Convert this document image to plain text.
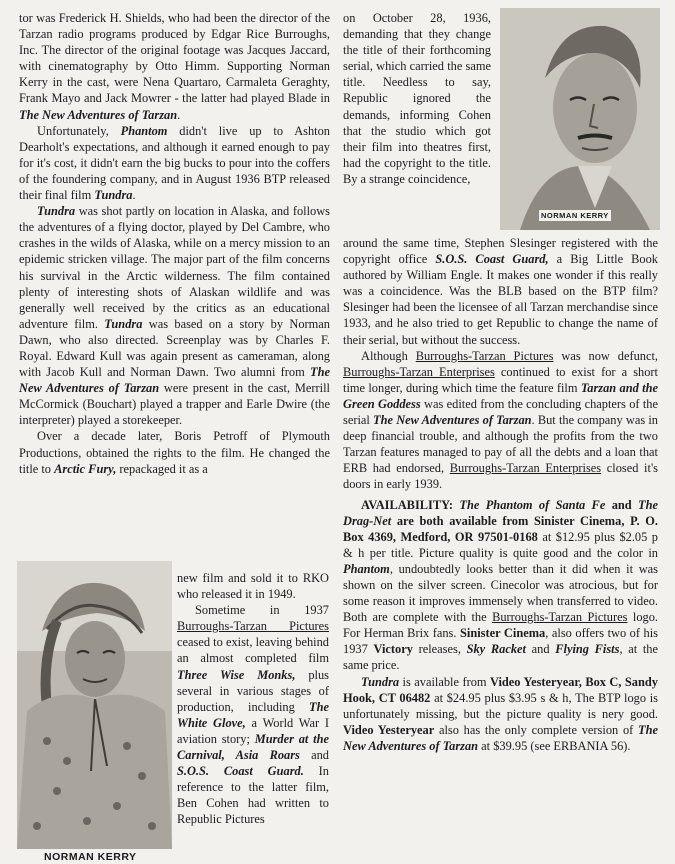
tor was Frederick H. Shields, who had been the director of the Tarzan radio programs produced by Edgar Rice Burroughs, Inc. The director of the original footage was Jacques Jaccard, with cinematography by Otto Himm. Supporting Norman Kerry in the cast, were Nena Quartaro, Carmaleta Geraghty, Frank Mayo and Jack Mowrer - the latter had played Blade in The New Adventures of Tarzan.

Unfortunately, Phantom didn't live up to Ashton Dearholt's expectations, and although it earned enough to pay for it's cost, it didn't earn the big bucks to pour into the coffers of the foundering company, and in August 1936 BTP released their final film Tundra.

Tundra was shot partly on location in Alaska, and follows the adventures of a flying doctor, played by Del Cambre, who crashes in the wilds of Alaska, while on a mercy mission to an epidemic stricken village. The major part of the film concerns his survival in the Arctic wilderness. The film contained plenty of interesting shots of Alaskan wildlife and was generally well received by the critics as an educational adventure film. Tundra was based on a story by Norman Dawn, who also directed. Screenplay was by Charles F. Royal. Edward Kull was again present as cameraman, along with Jacob Kull and Norman Dawn. Two alumni from The New Adventures of Tarzan were present in the cast, Merrill McCormick (Bouchart) played a trapper and Earle Dwire (the interpreter) played a storekeeper.

Over a decade later, Boris Petroff of Plymouth Productions, obtained the rights to the film. He changed the title to Arctic Fury, repackaged it as a

NORMAN KERRY

new film and sold it to RKO who released it in 1949.

Sometime in 1937 Burroughs-Tarzan Pictures ceased to exist, leaving behind an almost completed film Three Wise Monks, plus several in various stages of production, including The White Glove, a World War I aviation story; Murder at the Carnival, Asia Roars and S.O.S. Coast Guard. In reference to the latter film, Ben Cohen had written to Republic Pictures

NORMAN KERRY

on October 28, 1936, demanding that they change the title of their forthcoming serial, which carried the same title. Needless to say, Republic ignored the demands, informing Cohen that the studio which got their film into theatres first, had the copyright to the title. By a strange coincidence,

around the same time, Stephen Slesinger registered with the copyright office S.O.S. Coast Guard, a Big Little Book authored by William Engle. It makes one wonder if this really was a coincidence. Was the BLB based on the BTP film? Slesinger had been the licensee of all Tarzan merchandise since 1933, and he also tried to get Republic to change the name of their serial, but without the success.

Although Burroughs-Tarzan Pictures was now defunct, Burroughs-Tarzan Enterprises continued to exist for a short time longer, during which time the feature film Tarzan and the Green Goddess was edited from the concluding chapters of the serial The New Adventures of Tarzan. But the company was in deep financial trouble, and although the profits from the two Tarzan features managed to pay of all the debts and a loan that ERB had endorsed, Burroughs-Tarzan Enterprises closed it's doors in early 1939.

AVAILABILITY: The Phantom of Santa Fe and The Drag-Net are both available from Sinister Cinema, P. O. Box 4369, Medford, OR 97501-0168 at $12.95 plus $2.05 p & h per title. Picture quality is quite good and the color in Phantom, undoubtedly looks better than it did when it was shown on the silver screen. Cinecolor was atrocious, but for some reason it improves immensely when transferred to video. Both are complete with the Burroughs-Tarzan Pictures logo. For Herman Brix fans. Sinister Cinema, also offers two of his 1937 Victory releases, Sky Racket and Flying Fists, at the same price.

Tundra is available from Video Yesteryear, Box C, Sandy Hook, CT 06482 at $24.95 plus $3.95 s & h, The BTP logo is unfortunately missing, but the picture quality is nery good. Video Yesteryear also has the only complete version of The New Adventures of Tarzan at $39.95 (see ERBANIA 56).
